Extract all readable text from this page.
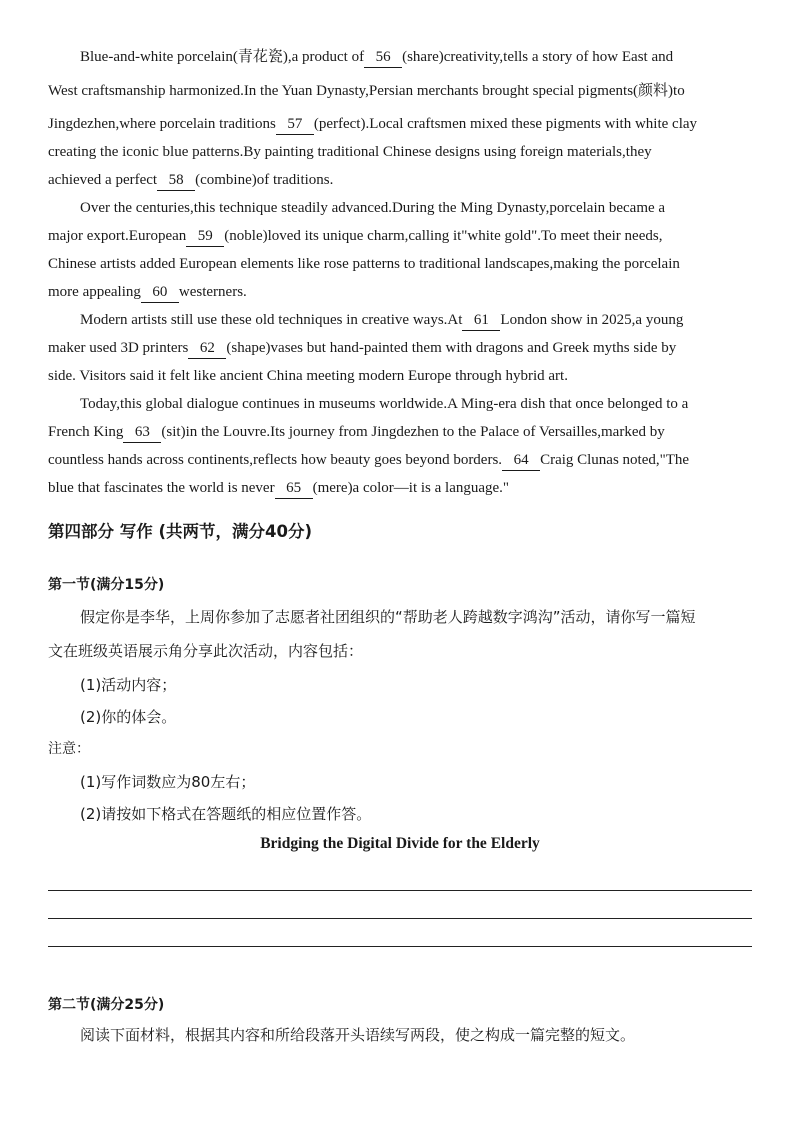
Blue-and-white porcelain(青花瓷),a product of 56 (share)creativity,tells a story of how East and
West craftsmanship harmonized.In the Yuan Dynasty,Persian merchants brought special pigments(颜料)to
Jingdezhen,where porcelain traditions 57 (perfect).Local craftsmen mixed these pigments with white clay
creating the iconic blue patterns.By painting traditional Chinese designs using foreign materials,they
achieved a perfect 58 (combine)of traditions.
Over the centuries,this technique steadily advanced.During the Ming Dynasty,porcelain became a
major export.European 59 (noble)loved its unique charm,calling it"white gold".To meet their needs,
Chinese artists added European elements like rose patterns to traditional landscapes,making the porcelain
more appealing 60 westerners.
Modern artists still use these old techniques in creative ways.At 61 London show in 2025,a young
maker used 3D printers 62 (shape)vases but hand-painted them with dragons and Greek myths side by
side. Visitors said it felt like ancient China meeting modern Europe through hybrid art.
Today,this global dialogue continues in museums worldwide.A Ming-era dish that once belonged to a
French King 63 (sit)in the Louvre.Its journey from Jingdezhen to the Palace of Versailles,marked by
countless hands across continents,reflects how beauty goes beyond borders. 64 Craig Clunas noted,"The
blue that fascinates the world is never 65 (mere)a color—it is a language."
第四部分 写作 (共两节，满分40分)
第一节(满分15分)
假定你是李华，上周你参加了志愿者社团组织的“帮助老人跨越数字鸿沟”活动，请你写一篇短
文在班级英语展示角分享此次活动，内容包括：
(1)活动内容；
(2)你的体会。
注意：
(1)写作词数应为80左右；
(2)请按如下格式在答题纸的相应位置作答。
Bridging the Digital Divide for the Elderly
第二节(满分25分)
阅读下面材料，根据其内容和所给段落开头语续写两段，使之构成一篇完整的短文。
